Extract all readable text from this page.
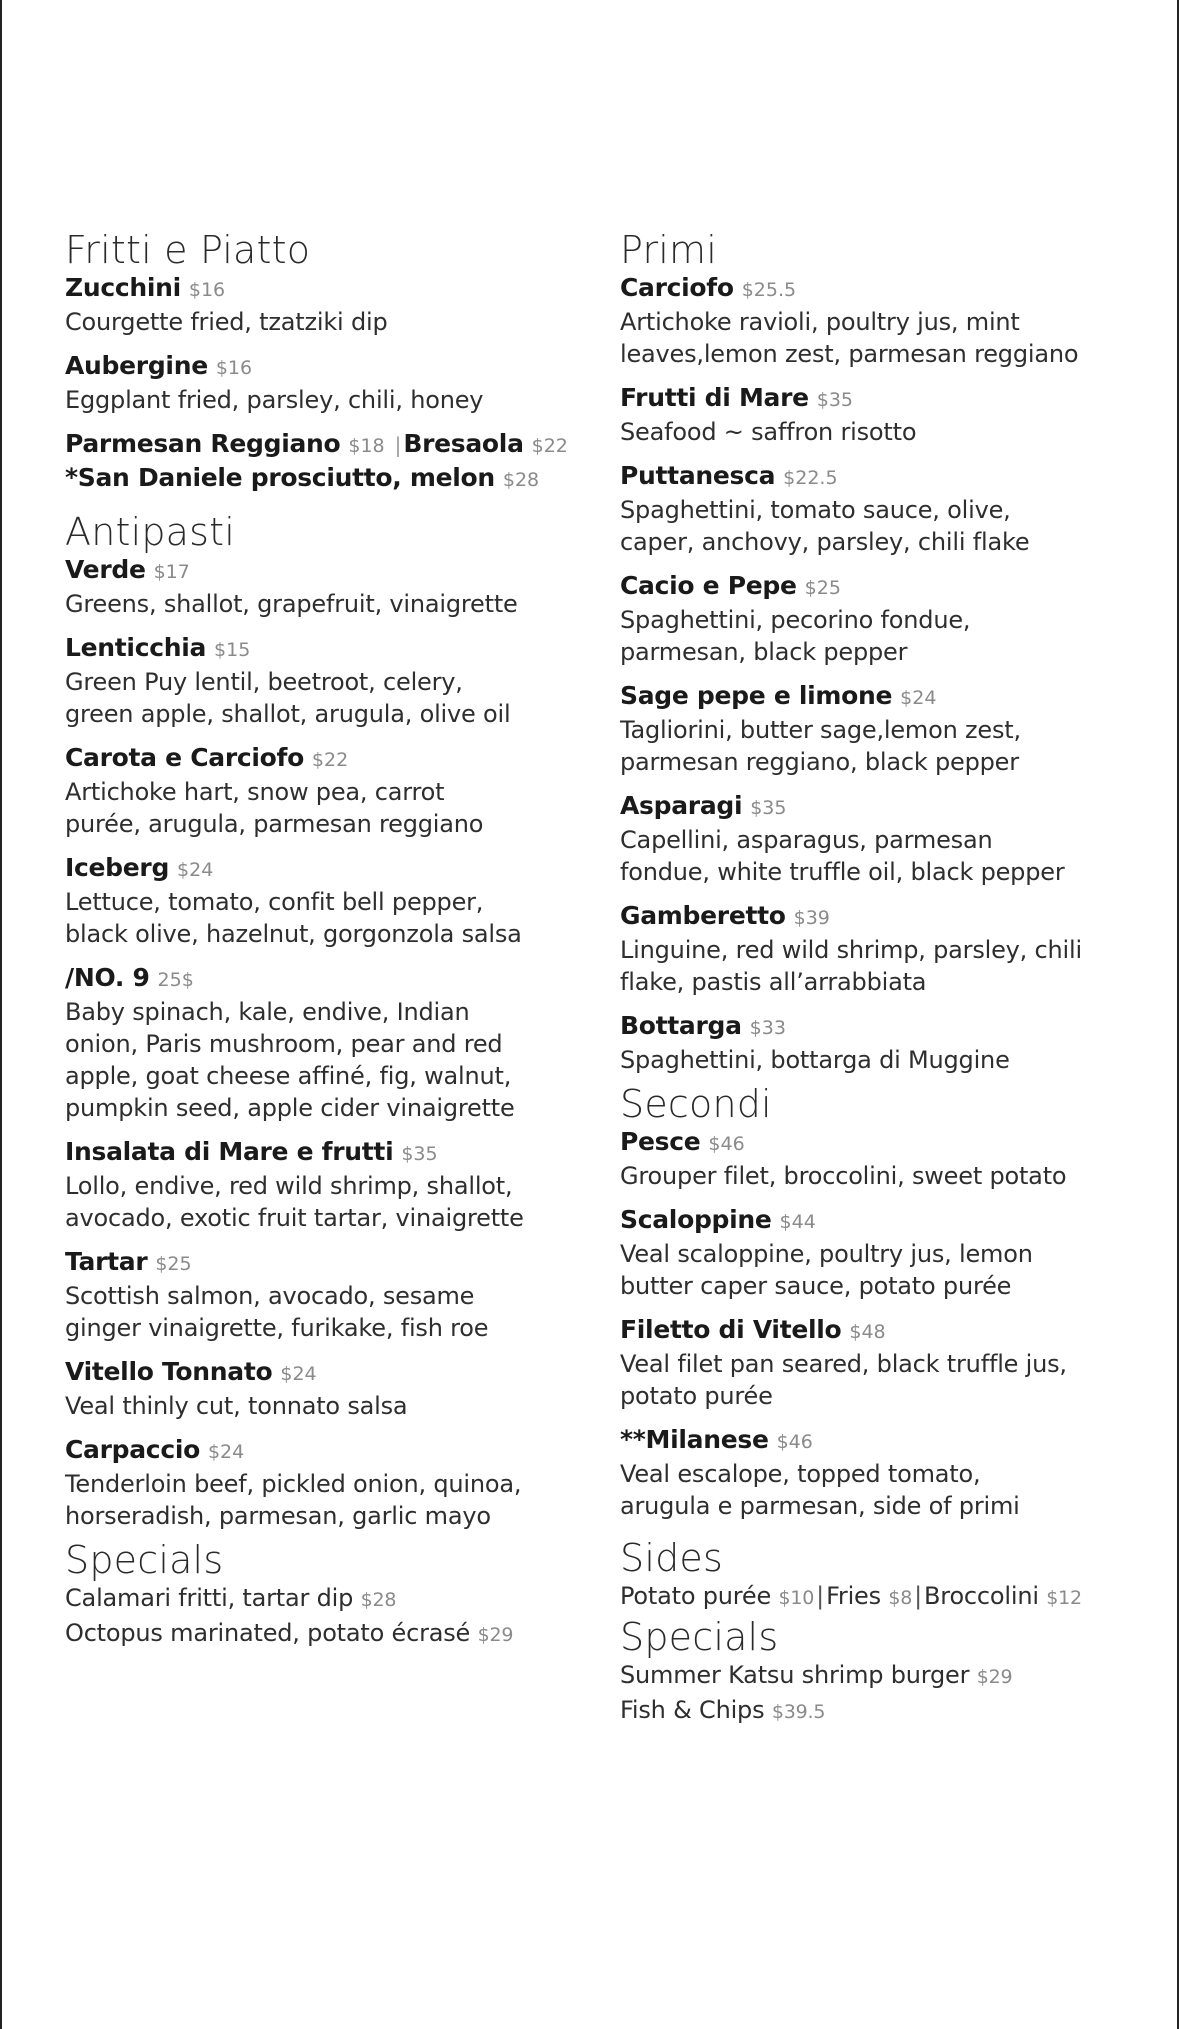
Fritti e Piatto
Zucchini $16
Courgette fried, tzatziki dip
Aubergine $16
Eggplant fried, parsley, chili, honey
Parmesan Reggiano $18 |Bresaola $22
*San Daniele prosciutto, melon $28
Antipasti
Verde $17
Greens, shallot, grapefruit, vinaigrette
Lenticchia $15
Green Puy lentil, beetroot, celery,
green apple, shallot, arugula, olive oil
Carota e Carciofo $22
Artichoke hart, snow pea, carrot
purée, arugula, parmesan reggiano
Iceberg $24
Lettuce, tomato, confit bell pepper,
black olive, hazelnut, gorgonzola salsa
/NO. 9 25$
Baby spinach, kale, endive, Indian
onion, Paris mushroom, pear and red
apple, goat cheese affiné, fig, walnut,
pumpkin seed, apple cider vinaigrette
Insalata di Mare e frutti $35
Lollo, endive, red wild shrimp, shallot,
avocado, exotic fruit tartar, vinaigrette
Tartar $25
Scottish salmon, avocado, sesame
ginger vinaigrette, furikake, fish roe
Vitello Tonnato $24
Veal thinly cut, tonnato salsa
Carpaccio $24
Tenderloin beef, pickled onion, quinoa,
horseradish, parmesan, garlic mayo
Specials
Calamari fritti, tartar dip $28
Octopus marinated, potato écrasé $29
Primi
Carciofo $25.5
Artichoke ravioli, poultry jus, mint
leaves,lemon zest, parmesan reggiano
Frutti di Mare $35
Seafood ~ saffron risotto
Puttanesca $22.5
Spaghettini, tomato sauce, olive,
caper, anchovy, parsley, chili flake
Cacio e Pepe $25
Spaghettini, pecorino fondue,
parmesan, black pepper
Sage pepe e limone $24
Tagliorini, butter sage,lemon zest,
parmesan reggiano, black pepper
Asparagi $35
Capellini, asparagus, parmesan
fondue, white truffle oil, black pepper
Gamberetto $39
Linguine, red wild shrimp, parsley, chili
flake, pastis all’arrabbiata
Bottarga $33
Spaghettini, bottarga di Muggine
Secondi
Pesce $46
Grouper filet, broccolini, sweet potato
Scaloppine $44
Veal scaloppine, poultry jus, lemon
butter caper sauce, potato purée
Filetto di Vitello $48
Veal filet pan seared, black truffle jus,
potato purée
**Milanese $46
Veal escalope, topped tomato,
arugula e parmesan, side of primi
Sides
Potato purée $10|Fries $8|Broccolini $12
Specials
Summer Katsu shrimp burger $29
Fish & Chips $39.5
